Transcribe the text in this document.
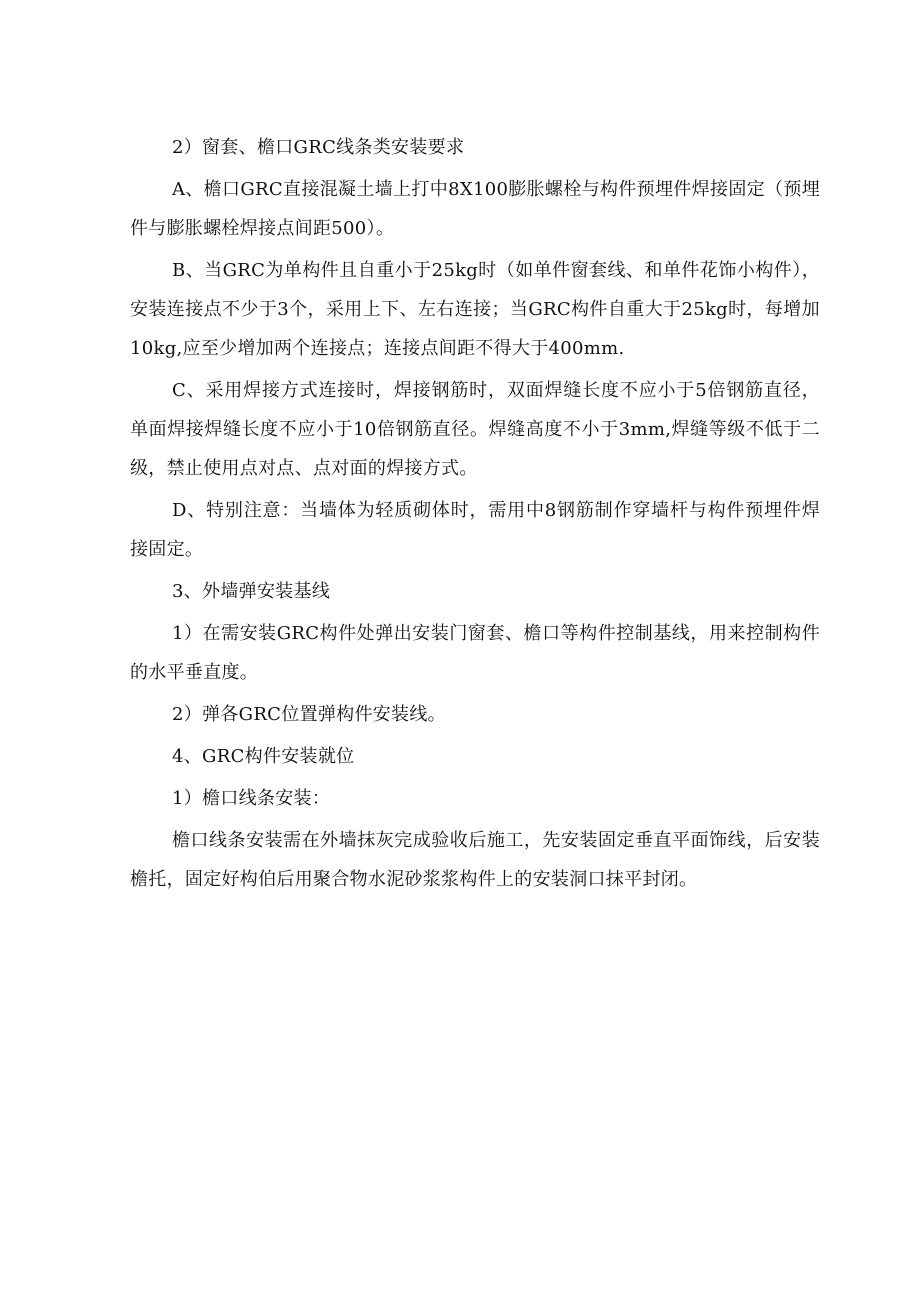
2）窗套、檐口GRC线条类安装要求

A、檐口GRC直接混凝土墙上打中8X100膨胀螺栓与构件预埋件焊接固定（预埋件与膨胀螺栓焊接点间距500）。

B、当GRC为单构件且自重小于25kg时（如单件窗套线、和单件花饰小构件），安装连接点不少于3个，采用上下、左右连接；当GRC构件自重大于25kg时，每增加10kg,应至少增加两个连接点；连接点间距不得大于400mm.

C、采用焊接方式连接时，焊接钢筋时，双面焊缝长度不应小于5倍钢筋直径，单面焊接焊缝长度不应小于10倍钢筋直径。焊缝高度不小于3mm,焊缝等级不低于二级，禁止使用点对点、点对面的焊接方式。

D、特别注意：当墙体为轻质砌体时，需用中8钢筋制作穿墙杆与构件预埋件焊接固定。

3、外墙弹安装基线

1）在需安装GRC构件处弹出安装门窗套、檐口等构件控制基线，用来控制构件的水平垂直度。

2）弹各GRC位置弹构件安装线。

4、GRC构件安装就位

1）檐口线条安装：

檐口线条安装需在外墙抹灰完成验收后施工，先安装固定垂直平面饰线，后安装檐托，固定好构伯后用聚合物水泥砂浆浆构件上的安装洞口抹平封闭。
